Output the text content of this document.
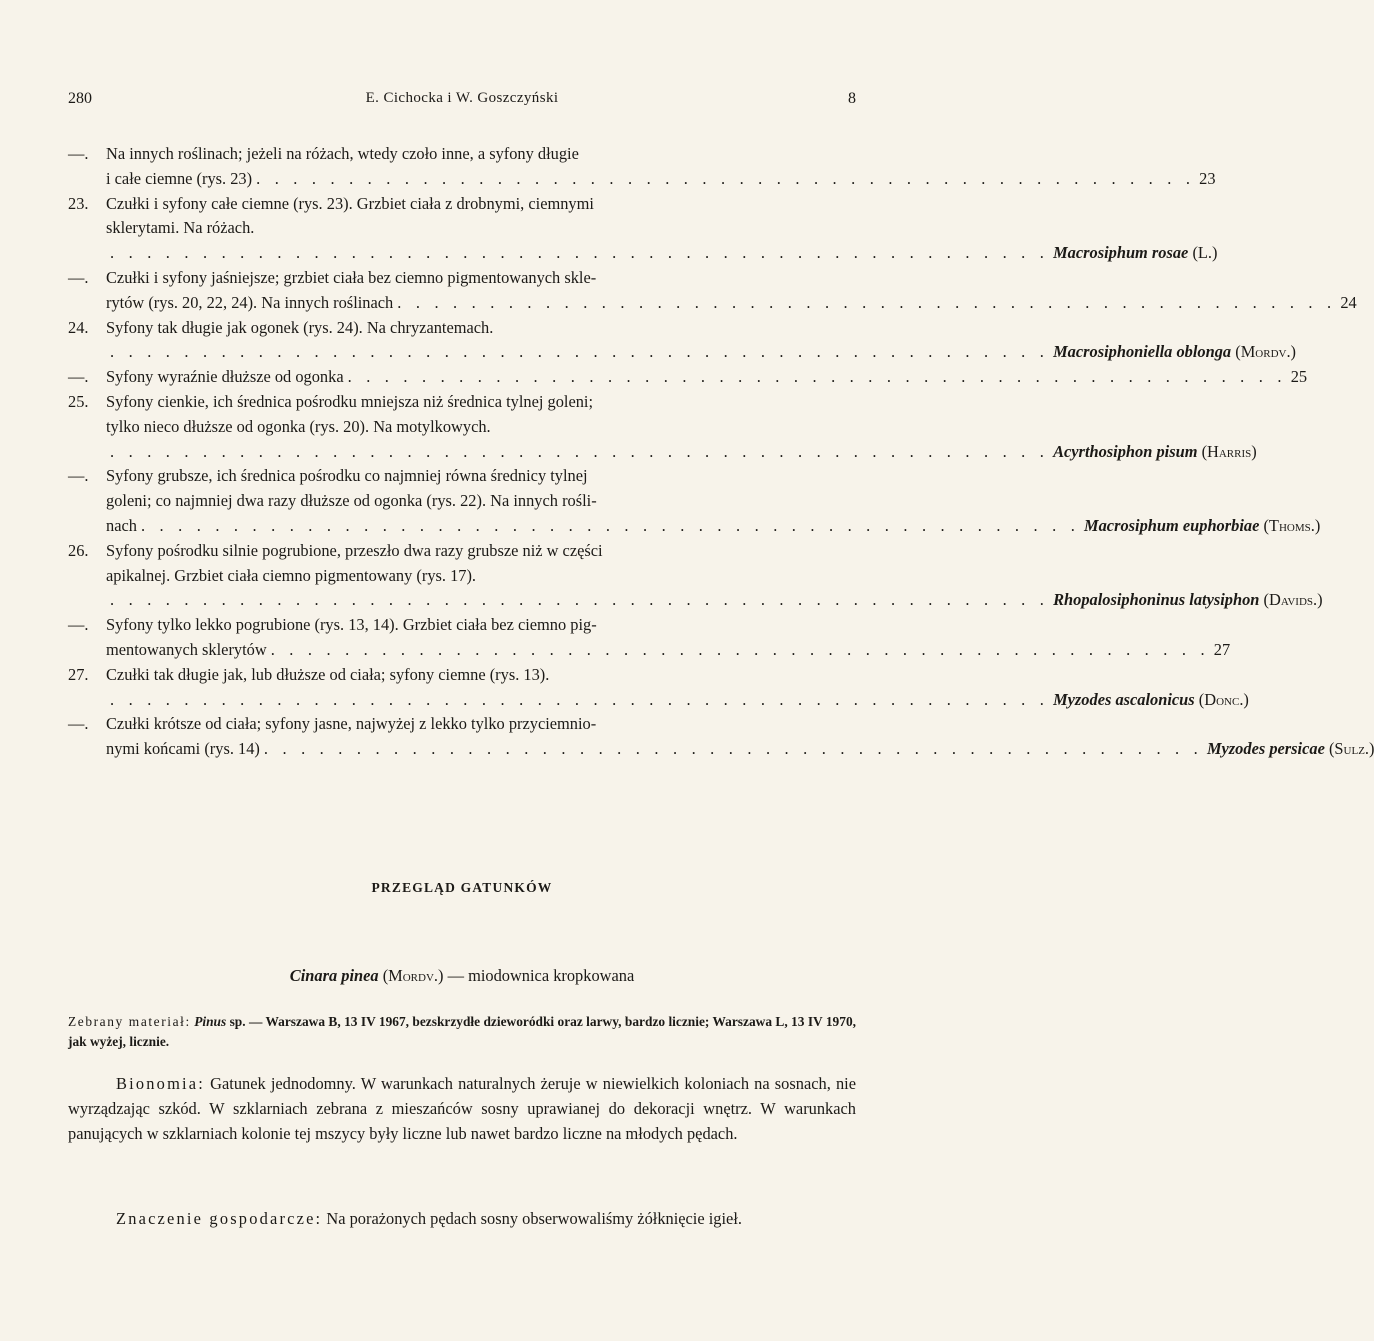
280	E. Cichocka i W. Goszczyński	8
—.	Na innych roślinach; jeżeli na różach, wtedy czoło inne, a syfony długie
i całe ciemne (rys. 23) . . . . . . . . . . . . . . . . . . . . . . . . . . . . . . . . . . . . . . . . . . . . . . . . . . . 23
23.	Czułki i syfony całe ciemne (rys. 23). Grzbiet ciała z drobnymi, ciemnymi
sklerytami. Na różach.
. . . . . . . . . . . . . . . . . . . . . . . . . . . . . . . . . . . . . . . . . . . . . . . . . . . Macrosiphum rosae (L.)
—.	Czułki i syfony jaśniejsze; grzbiet ciała bez ciemno pigmentowanych skle-
rytów (rys. 20, 22, 24). Na innych roślinach . . . . . . . . . . . . . . . . . . . . . . . . . . . . . . . . . . . . . . . . . . . . . . . . . . . 24
24.	Syfony tak długie jak ogonek (rys. 24). Na chryzantemach.
. . . . . . . . . . . . . . . . . . . . . . . . . . . . . . . . . . . . . . . . . . . . . . . . . . . Macrosiphoniella oblonga (Mordv.)
—.	Syfony wyraźnie dłuższe od ogonka . . . . . . . . . . . . . . . . . . . . . . . . . . . . . . . . . . . . . . . . . . . . . . . . . . . 25
25.	Syfony cienkie, ich średnica pośrodku mniejsza niż średnica tylnej goleni;
tylko nieco dłuższe od ogonka (rys. 20). Na motylkowych.
. . . . . . . . . . . . . . . . . . . . . . . . . . . . . . . . . . . . . . . . . . . . . . . . . . . Acyrthosiphon pisum (Harris)
—.	Syfony grubsze, ich średnica pośrodku co najmniej równa średnicy tylnej
goleni; co najmniej dwa razy dłuższe od ogonka (rys. 22). Na innych rośli-
nach . . . . . . . . . . . . . . . . . . . . . . . . . . . . . . . . . . . . . . . . . . . . . . . . . . . Macrosiphum euphorbiae (Thoms.)
26.	Syfony pośrodku silnie pogrubione, przeszło dwa razy grubsze niż w części
apikalnej. Grzbiet ciała ciemno pigmentowany (rys. 17).
. . . . . . . . . . . . . . . . . . . . . . . . . . . . . . . . . . . . . . . . . . . . . . . . . . . Rhopalosiphoninus latysiphon (Davids.)
—.	Syfony tylko lekko pogrubione (rys. 13, 14). Grzbiet ciała bez ciemno pig-
mentowanych sklerytów . . . . . . . . . . . . . . . . . . . . . . . . . . . . . . . . . . . . . . . . . . . . . . . . . . . 27
27.	Czułki tak długie jak, lub dłuższe od ciała; syfony ciemne (rys. 13).
. . . . . . . . . . . . . . . . . . . . . . . . . . . . . . . . . . . . . . . . . . . . . . . . . . . Myzodes ascalonicus (Donc.)
—.	Czułki krótsze od ciała; syfony jasne, najwyżej z lekko tylko przyciemnio-
nymi końcami (rys. 14) . . . . . . . . . . . . . . . . . . . . . . . . . . . . . . . . . . . . . . . . . . . . . . . . . . . Myzodes persicae (Sulz.)
PRZEGLĄD GATUNKÓW
Cinara pinea (Mordv.) — miodownica kropkowana
Zebrany materiał: Pinus sp. — Warszawa B, 13 IV 1967, bezskrzydłe dzieworódki oraz larwy, bardzo licznie; Warszawa L, 13 IV 1970, jak wyżej, licznie.
Bionomia: Gatunek jednodomny. W warunkach naturalnych żeruje w niewielkich koloniach na sosnach, nie wyrządzając szkód. W szklarniach zebrana z mieszańców sosny uprawianej do dekoracji wnętrz. W warunkach panujących w szklarniach kolonie tej mszycy były liczne lub nawet bardzo liczne na młodych pędach.
Znaczenie gospodarcze: Na porażonych pędach sosny obserwowaliśmy żółknięcie igieł.
